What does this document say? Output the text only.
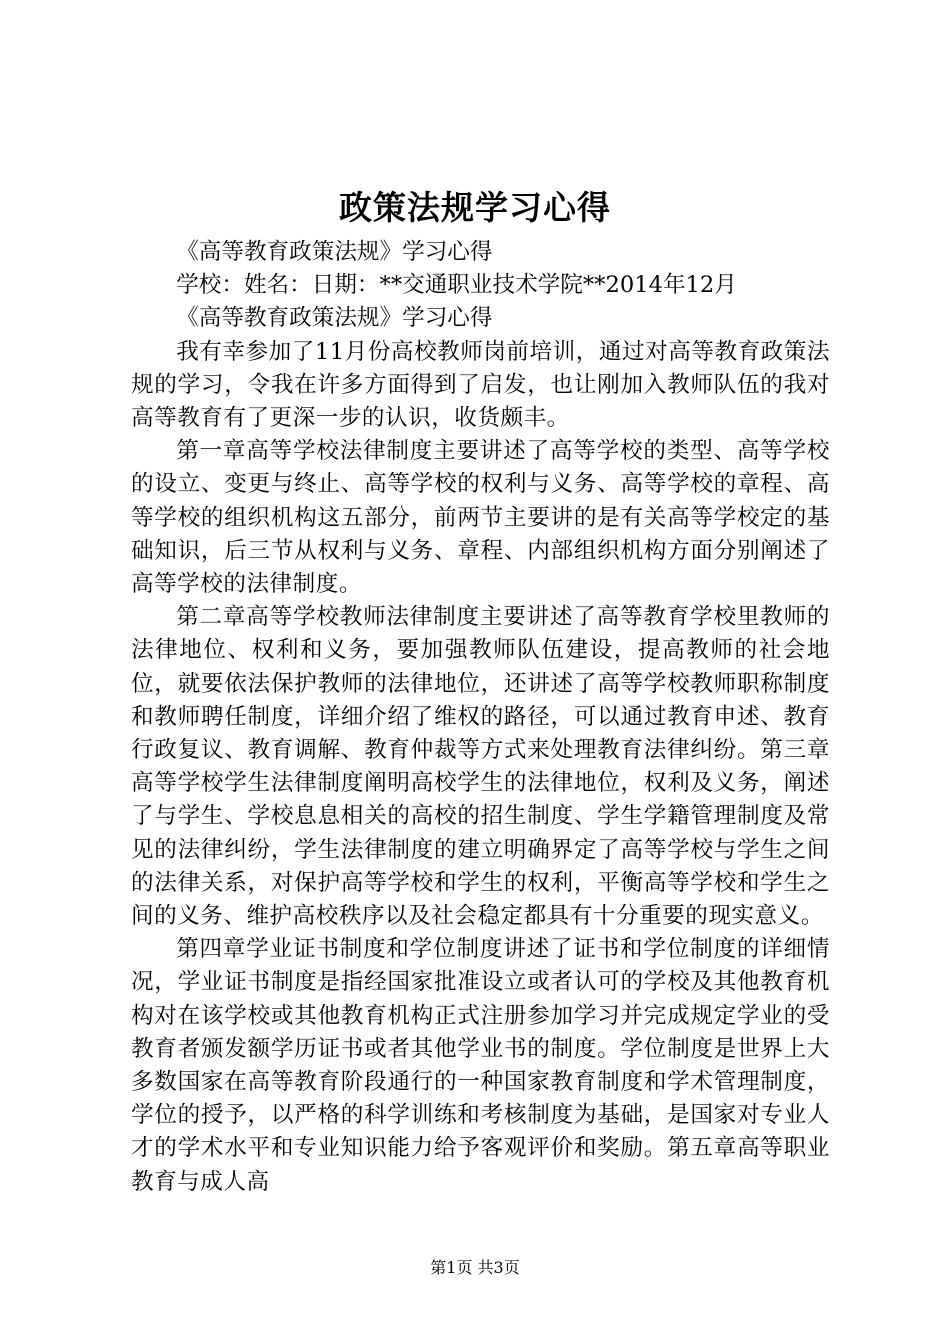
政策法规学习心得

《高等教育政策法规》学习心得

学校：姓名：日期：**交通职业技术学院**2014年12月

《高等教育政策法规》学习心得

我有幸参加了11月份高校教师岗前培训，通过对高等教育政策法规的学习，令我在许多方面得到了启发，也让刚加入教师队伍的我对高等教育有了更深一步的认识，收货颇丰。

第一章高等学校法律制度主要讲述了高等学校的类型、高等学校的设立、变更与终止、高等学校的权利与义务、高等学校的章程、高等学校的组织机构这五部分，前两节主要讲的是有关高等学校定的基础知识，后三节从权利与义务、章程、内部组织机构方面分别阐述了高等学校的法律制度。

第二章高等学校教师法律制度主要讲述了高等教育学校里教师的法律地位、权利和义务，要加强教师队伍建设，提高教师的社会地位，就要依法保护教师的法律地位，还讲述了高等学校教师职称制度和教师聘任制度，详细介绍了维权的路径，可以通过教育申述、教育行政复议、教育调解、教育仲裁等方式来处理教育法律纠纷。第三章高等学校学生法律制度阐明高校学生的法律地位，权利及义务，阐述了与学生、学校息息相关的高校的招生制度、学生学籍管理制度及常见的法律纠纷，学生法律制度的建立明确界定了高等学校与学生之间的法律关系，对保护高等学校和学生的权利，平衡高等学校和学生之间的义务、维护高校秩序以及社会稳定都具有十分重要的现实意义。

第四章学业证书制度和学位制度讲述了证书和学位制度的详细情况，学业证书制度是指经国家批准设立或者认可的学校及其他教育机构对在该学校或其他教育机构正式注册参加学习并完成规定学业的受教育者颁发额学历证书或者其他学业书的制度。学位制度是世界上大多数国家在高等教育阶段通行的一种国家教育制度和学术管理制度，学位的授予，以严格的科学训练和考核制度为基础，是国家对专业人才的学术水平和专业知识能力给予客观评价和奖励。第五章高等职业教育与成人高

第1页 共3页
